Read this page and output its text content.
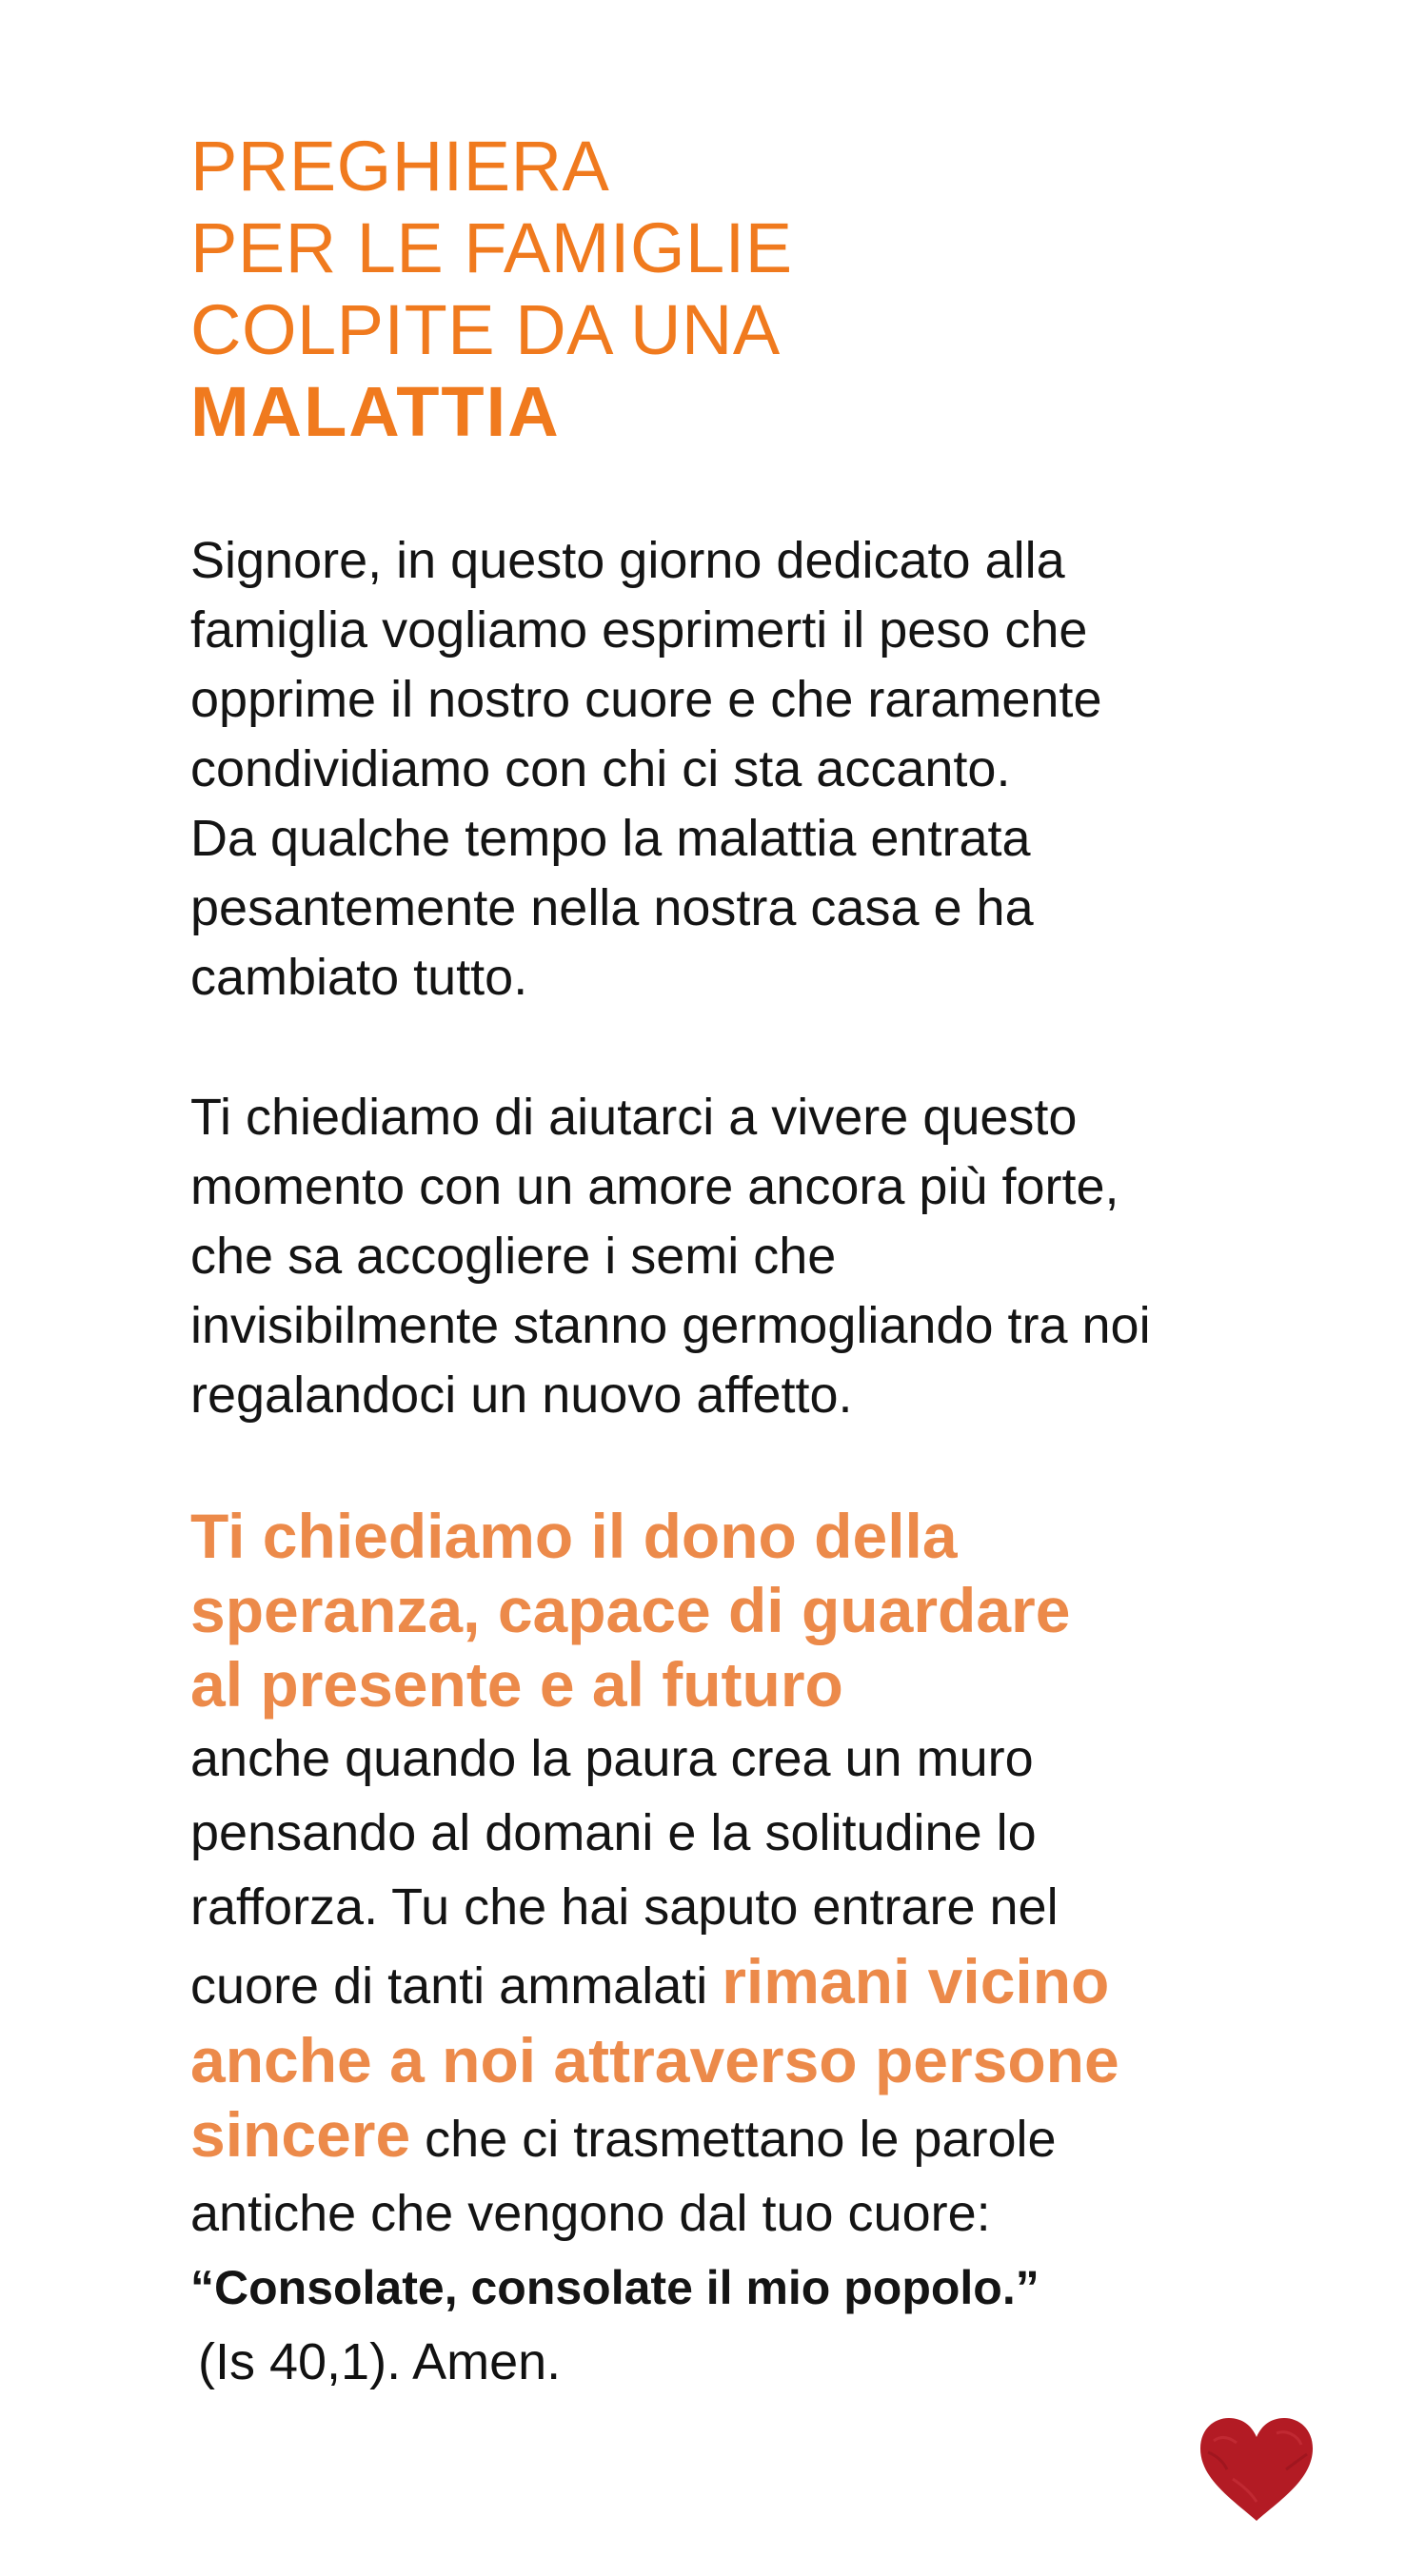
PREGHIERA
PER LE FAMIGLIE
COLPITE DA UNA
MALATTIA
Signore, in questo giorno dedicato alla
famiglia vogliamo esprimerti il peso che
opprime il nostro cuore e che raramente
condividiamo con chi ci sta accanto.
Da qualche tempo la malattia entrata
pesantemente nella nostra casa e ha
cambiato tutto.
Ti chiediamo di aiutarci a vivere questo
momento con un amore ancora più forte,
che sa accogliere i semi che
invisibilmente stanno germogliando tra noi
regalandoci un nuovo affetto.
Ti chiediamo il dono della
speranza, capace di guardare
al presente e al futuro
anche quando la paura crea un muro
pensando al domani e la solitudine lo
rafforza. Tu che hai saputo entrare nel
cuore di tanti ammalati rimani vicino
anche a noi attraverso persone
sincere che ci trasmettano le parole
antiche che vengono dal tuo cuore:
“Consolate, consolate il mio popolo.”
(Is 40,1). Amen.
